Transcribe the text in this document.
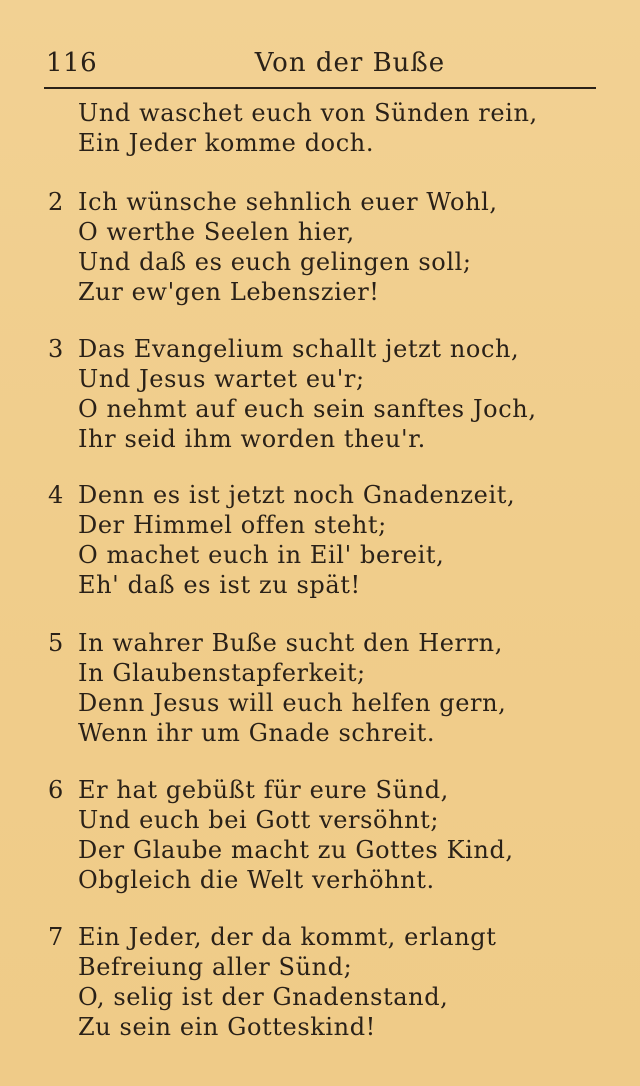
116	Von der Buße
Und waschet euch von Sünden rein,
Ein Jeder komme doch.
2 Ich wünsche sehnlich euer Wohl,
O werthe Seelen hier,
Und daß es euch gelingen soll;
Zur ew'gen Lebenszier!
3 Das Evangelium schallt jetzt noch,
Und Jesus wartet eu'r;
O nehmt auf euch sein sanftes Joch,
Ihr seid ihm worden theu'r.
4 Denn es ist jetzt noch Gnadenzeit,
Der Himmel offen steht;
O machet euch in Eil' bereit,
Eh' daß es ist zu spät!
5 In wahrer Buße sucht den Herrn,
In Glaubenstapferkeit;
Denn Jesus will euch helfen gern,
Wenn ihr um Gnade schreit.
6 Er hat gebüßt für eure Sünd,
Und euch bei Gott versöhnt;
Der Glaube macht zu Gottes Kind,
Obgleich die Welt verhöhnt.
7 Ein Jeder, der da kommt, erlangt
Befreiung aller Sünd;
O, selig ist der Gnadenstand,
Zu sein ein Gotteskind!
